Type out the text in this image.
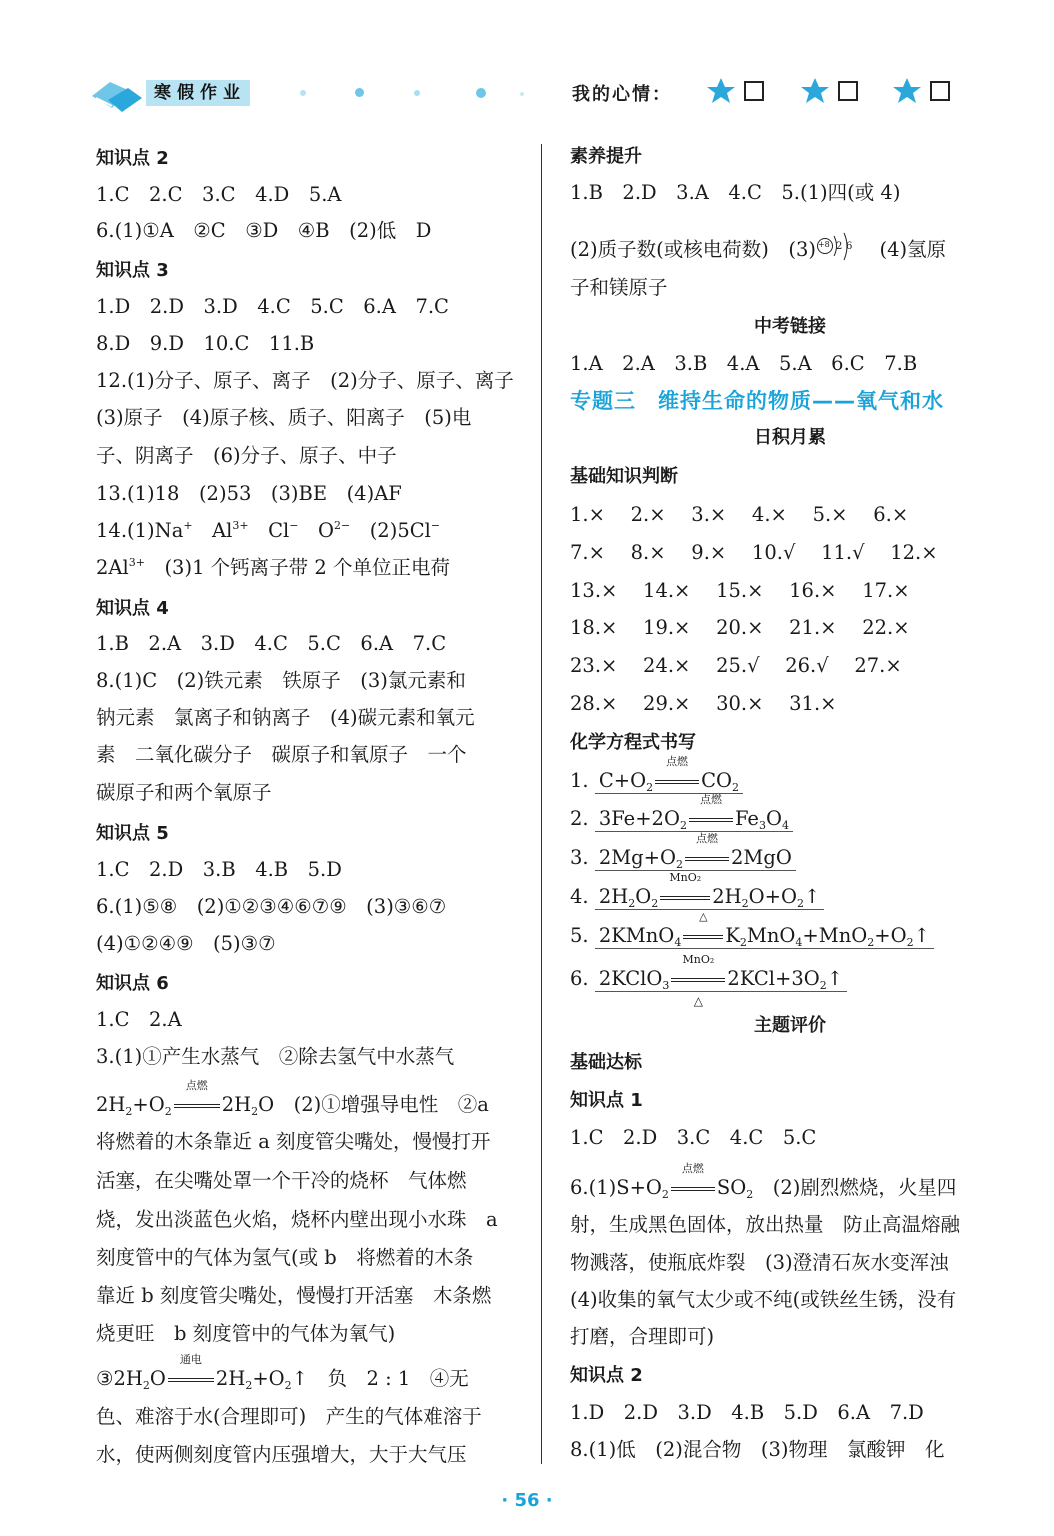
寒假作业	我的心情：
知识点 2
1.C　2.C　3.C　4.D　5.A
6.(1)①A　②C　③D　④B　(2)低　D
知识点 3
1.D　2.D　3.D　4.C　5.C　6.A　7.C
8.D　9.D　10.C　11.B
12.(1)分子、原子、离子　(2)分子、原子、离子
(3)原子　(4)原子核、质子、阳离子　(5)电
子、阴离子　(6)分子、原子、中子
13.(1)18　(2)53　(3)BE　(4)AF
14.(1)Na+　$Al^{3+}$　Cl−　$O^{2-}$　(2)5Cl−
$2Al^{3+}$　(3)1 个钙离子带 2 个单位正电荷
知识点 4
1.B　2.A　3.D　4.C　5.C　6.A　7.C
8.(1)C　(2)铁元素　铁原子　(3)氯元素和
钠元素　氯离子和钠离子　(4)碳元素和氧元
素　二氧化碳分子　碳原子和氧原子　一个
碳原子和两个氧原子
知识点 5
1.C　2.D　3.B　4.B　5.D
6.(1)⑤⑧　(2)①②③④⑥⑦⑨　(3)③⑥⑦
(4)①②④⑨　(5)③⑦
知识点 6
1.C　2.A
3.(1)①产生水蒸气　②除去氢气中水蒸气
$2H_2+O_2$
点燃
$2H_2O$　(2)①增强导电性　②a
将燃着的木条靠近 a 刻度管尖嘴处，慢慢打开
活塞，在尖嘴处罩一个干冷的烧杯　气体燃
烧，发出淡蓝色火焰，烧杯内壁出现小水珠　a
刻度管中的气体为氢气(或 b　将燃着的木条
靠近 b 刻度管尖嘴处，慢慢打开活塞　木条燃
烧更旺　b 刻度管中的气体为氧气)
$③2H_2O$
通电
$2H_2+O_2↑$　负　2 : 1　④无
色、难溶于水(合理即可)　产生的气体难溶于
水，使两侧刻度管内压强增大，大于大气压
素养提升
1.B　2.D　3.A　4.C　5.(1)四(或 4)
(2)质子数(或核电荷数)　(3) +8 2 6 　(4)氢原
子和镁原子
中考链接
1.A　2.A　3.B　4.A　5.A　6.C　7.B
专题三　维持生命的物质——氧气和水
日积月累
基础知识判断
1.×　 2.×　 3.×　 4.×　 5.×　 6.×
7.×　 8.×　 9.×　 10.√　 11.√　 12.×
13.×　 14.×　 15.×　 16.×　 17.×
18.×　 19.×　 20.×　 21.×　 22.×
23.×　 24.×　 25.√　 26.√　 27.×
28.×　 29.×　 30.×　 31.×
化学方程式书写
1. $C+O_2$
点燃
$CO_2$
2. $3Fe+2O_2$
点燃
$Fe_3O_4$
3. $2Mg+O_2$
点燃
2MgO
4. $2H_2O_2$
MnO₂
$2H_2O+O_2↑$
5. 2KMnO$_4$
△
$K_2MnO_4+MnO_2+O_2↑$
6. 2KClO$_3$
MnO₂
△
$2KCl+3O_2↑$
主题评价
基础达标
知识点 1
1.C　2.D　3.C　4.C　5.C
$6.(1)S+O_2$
点燃
$SO_2$　(2)剧烈燃烧，火星四
射，生成黑色固体，放出热量　防止高温熔融
物溅落，使瓶底炸裂　(3)澄清石灰水变浑浊
(4)收集的氧气太少或不纯(或铁丝生锈，没有
打磨，合理即可)
知识点 2
1.D　2.D　3.D　4.B　5.D　6.A　7.D
8.(1)低　(2)混合物　(3)物理　氯酸钾　化
· 56 ·
